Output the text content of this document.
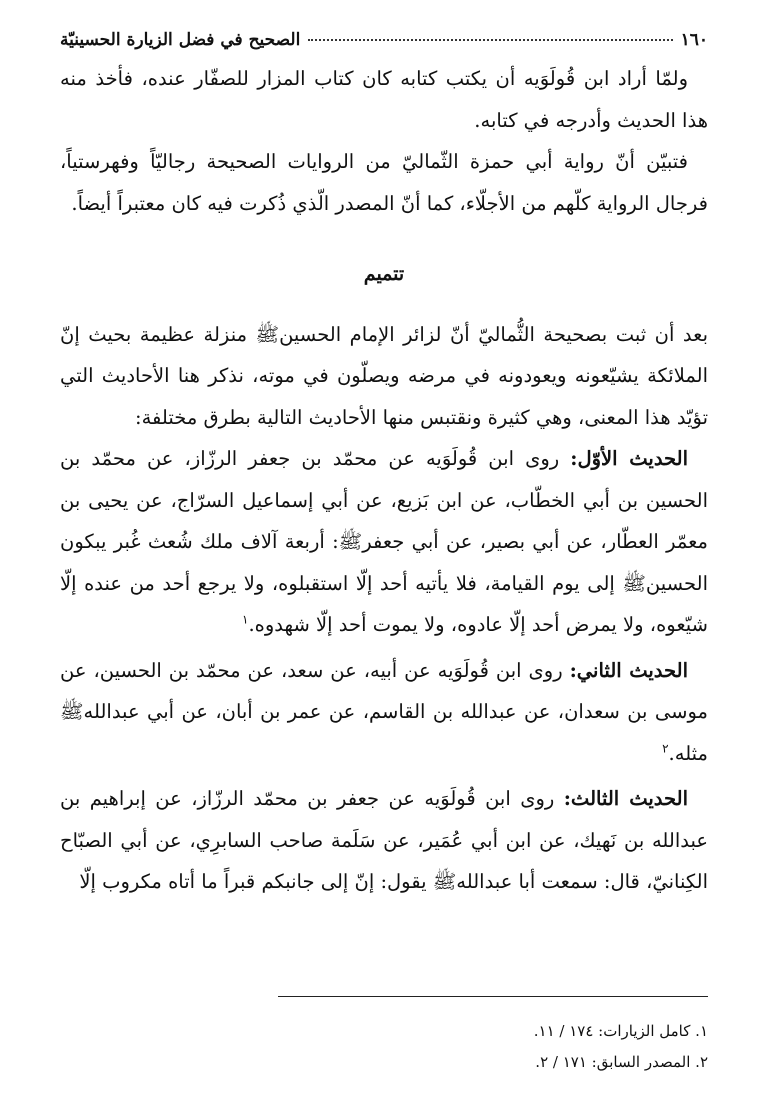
١٦٠
الصحيح في فضل الزيارة الحسينيّة

ولمّا أراد ابن قُولَوَيه أن يكتب كتابه كان كتاب المزار للصفّار عنده، فأخذ منه هذا الحديث وأدرجه في كتابه.

فتبيّن أنّ رواية أبي حمزة الثّماليّ من الروايات الصحيحة رجاليّاً وفهرستياً، فرجال الرواية كلّهم من الأجلّاء، كما أنّ المصدر الّذي ذُكرت فيه كان معتبراً أيضاً.

تتميم

بعد أن ثبت بصحيحة الثُّماليّ أنّ لزائر الإمام الحسينﷺ منزلة عظيمة بحيث إنّ الملائكة يشيّعونه ويعودونه في مرضه ويصلّون في موته، نذكر هنا الأحاديث التي تؤيّد هذا المعنى، وهي كثيرة ونقتبس منها الأحاديث التالية بطرق مختلفة:

الحديث الأوّل: روى ابن قُولَوَيه عن محمّد بن جعفر الرزّاز، عن محمّد بن الحسين بن أبي الخطّاب، عن ابن بَزيع، عن أبي إسماعيل السرّاج، عن يحيى بن معمّر العطّار، عن أبي بصير، عن أبي جعفرﷺ: أربعة آلاف ملك شُعث غُبر يبكون الحسينﷺ إلى يوم القيامة، فلا يأتيه أحد إلّا استقبلوه، ولا يرجع أحد من عنده إلّا شيّعوه، ولا يمرض أحد إلّا عادوه، ولا يموت أحد إلّا شهدوه.$^١$

الحديث الثاني: روى ابن قُولَوَيه عن أبيه، عن سعد، عن محمّد بن الحسين، عن موسى بن سعدان، عن عبدالله بن القاسم، عن عمر بن أبان، عن أبي عبداللهﷺ مثله.$^٢$

الحديث الثالث: روى ابن قُولَوَيه عن جعفر بن محمّد الرزّاز، عن إبراهيم بن عبدالله بن نَهيك، عن ابن أبي عُمَير، عن سَلَمة صاحب السابرِي، عن أبي الصبّاح الكِنانيّ، قال: سمعت أبا عبداللهﷺ يقول: إنّ إلى جانبكم قبراً ما أتاه مكروب إلّا

١. كامل الزيارات: ١٧٤ / ١١.
٢. المصدر السابق: ١٧١ / ٢.
